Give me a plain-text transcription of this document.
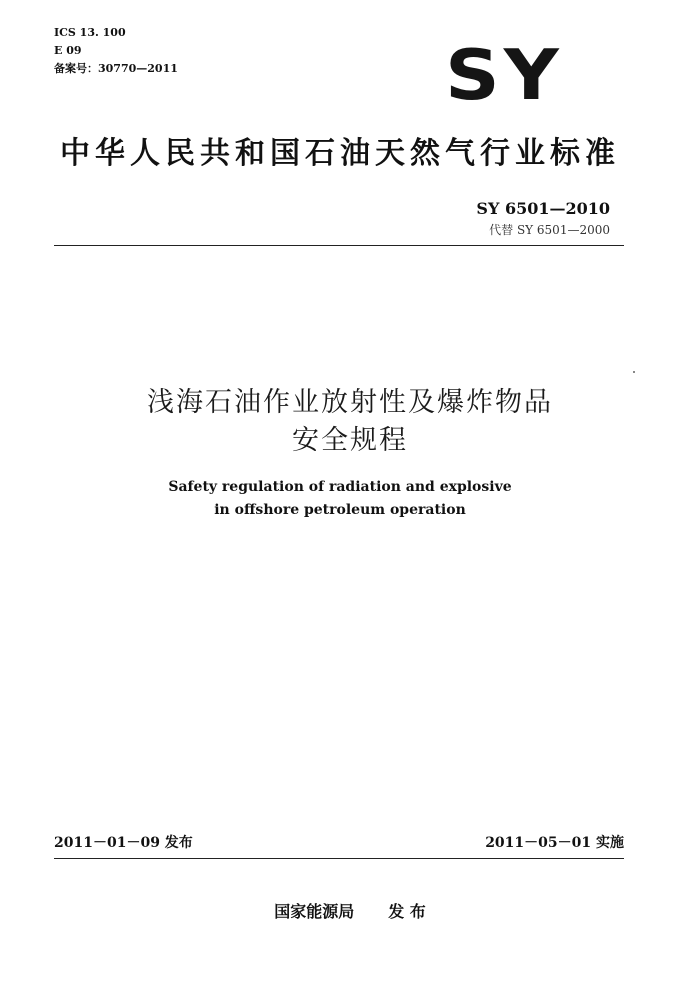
ICS 13. 100
E 09
备案号：30770—2011	SY
中华人民共和国石油天然气行业标准
SY 6501—2010
代替 SY 6501—2000
浅海石油作业放射性及爆炸物品
安全规程
Safety regulation of radiation and explosive
in offshore petroleum operation
2011－01－09 发布	2011－05－01 实施
国家能源局 发 布
